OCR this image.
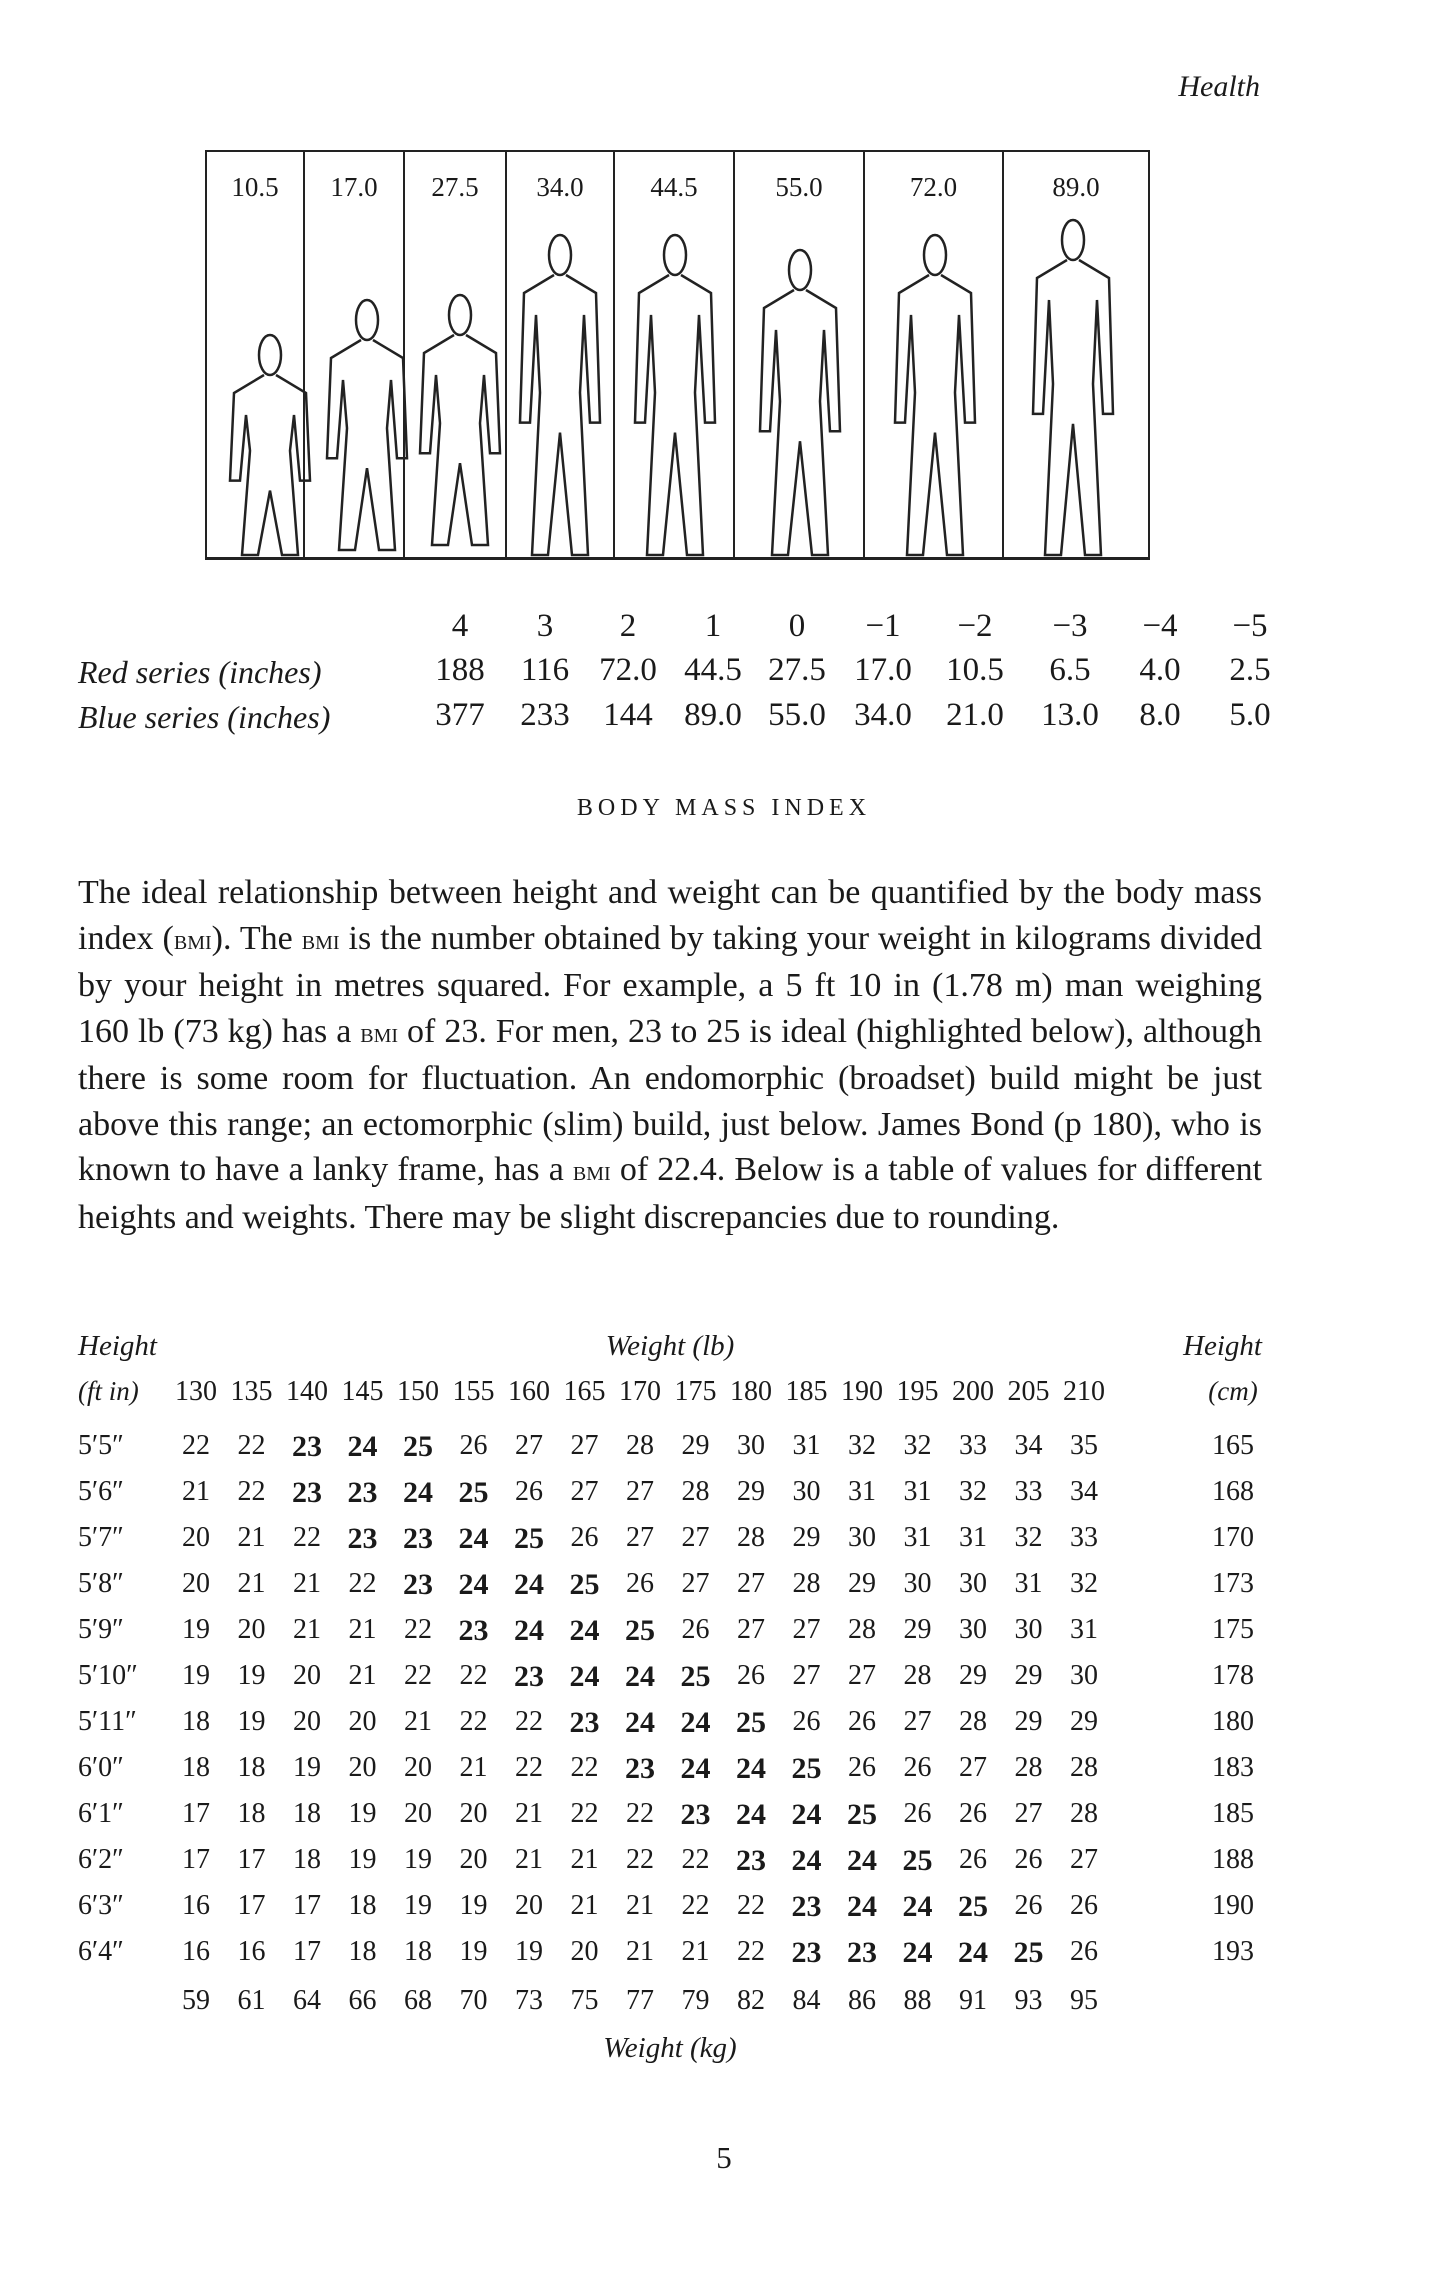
Health
10.5	17.0	27.5	34.0	44.5	55.0	72.0	89.0
4	3	2	1	0	−1	−2	−3	−4	−5
Red series (inches)	188	116 72.0 44.5 27.5 17.0	10.5	6.5	4.0	2.5
Blue series (inches)	377	233	144 89.0 55.0 34.0	21.0	13.0	8.0	5.0
BODY MASS INDEX
The ideal relationship between height and weight can be quantified by the body mass index (bmi). The bmi is the number obtained by taking your weight in kilograms divided by your height in metres squared. For example, a 5 ft 10 in (1.78 m) man weighing 160 lb (73 kg) has a bmi of 23. For men, 23 to 25 is ideal (highlighted below), although there is some room for fluctuation. An endomorphic (broadset) build might be just above this range; an ectomorphic (slim) build, just below. James Bond (p 180), who is known to have a lanky frame, has a bmi of 22.4. Below is a table of values for different heights and weights. There may be slight discrepancies due to rounding.
Height	Weight (lb)	Height
(ft in)	(cm)
130 135 140 145 150 155 160 165 170 175 180 185 190 195 200 205 210
5′5″	22 22 23 24 25 26 27 27 28 29 30 31 32 32 33 34 35	165
5′6″	21 22 23 23 24 25 26 27 27 28 29 30 31 31 32 33 34	168
5′7″	20 21 22 23 23 24 25 26 27 27 28 29 30 31 31 32 33	170
5′8″	20 21 21 22 23 24 24 25 26 27 27 28 29 30 30 31 32	173
5′9″	19 20 21 21 22 23 24 24 25 26 27 27 28 29 30 30 31	175
5′10″	19 19 20 21 22 22 23 24 24 25 26 27 27 28 29 29 30	178
5′11″	18 19 20 20 21 22 22 23 24 24 25 26 26 27 28 29 29	180
6′0″	18 18 19 20 20 21 22 22 23 24 24 25 26 26 27 28 28	183
6′1″	17 18 18 19 20 20 21 22 22 23 24 24 25 26 26 27 28	185
6′2″	17 17 18 19 19 20 21 21 22 22 23 24 24 25 26 26 27	188
6′3″	16 17 17 18 19 19 20 21 21 22 22 23 24 24 25 26 26	190
6′4″	16 16 17 18 18 19 19 20 21 21 22 23 23 24 24 25 26	193
59 61 64 66 68 70 73 75 77 79 82 84 86 88 91 93 95
Weight (kg)
5
